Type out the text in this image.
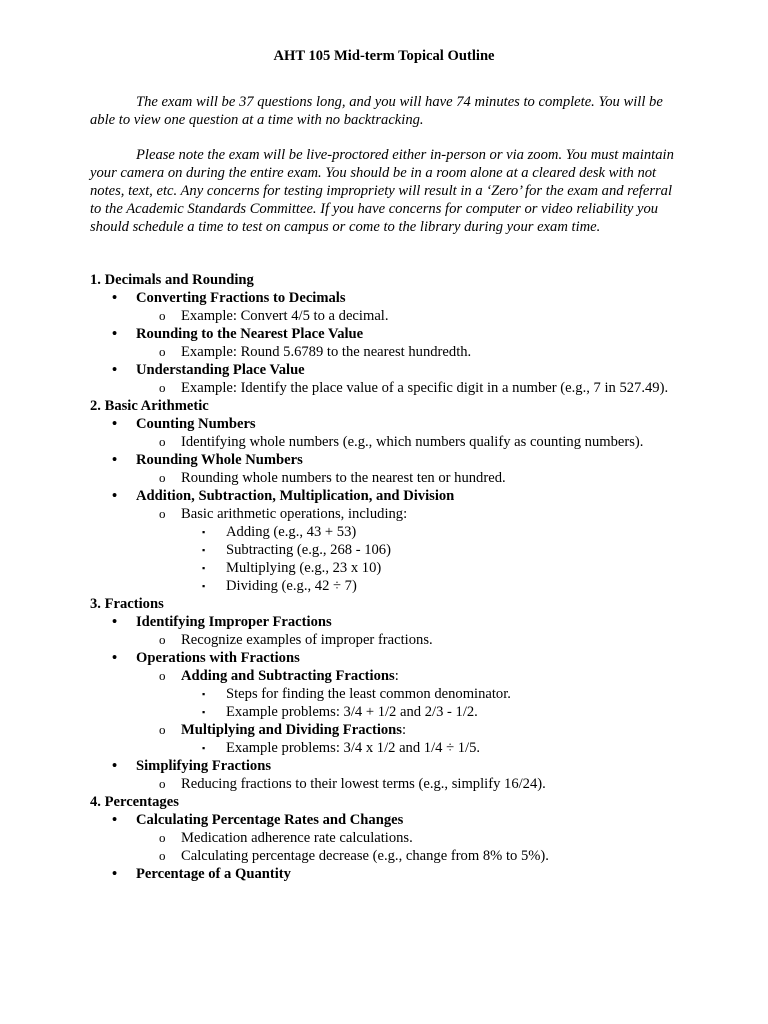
AHT 105 Mid-term Topical Outline

The exam will be 37 questions long, and you will have 74 minutes to complete. You will be able to view one question at a time with no backtracking.

Please note the exam will be live-proctored either in-person or via zoom. You must maintain your camera on during the entire exam. You should be in a room alone at a cleared desk with not notes, text, etc. Any concerns for testing impropriety will result in a ‘Zero’ for the exam and referral to the Academic Standards Committee. If you have concerns for computer or video reliability you should schedule a time to test on campus or come to the library during your exam time.

1. Decimals and Rounding
• Converting Fractions to Decimals
o Example: Convert 4/5 to a decimal.
• Rounding to the Nearest Place Value
o Example: Round 5.6789 to the nearest hundredth.
• Understanding Place Value
o Example: Identify the place value of a specific digit in a number (e.g., 7 in 527.49).
2. Basic Arithmetic
• Counting Numbers
o Identifying whole numbers (e.g., which numbers qualify as counting numbers).
• Rounding Whole Numbers
o Rounding whole numbers to the nearest ten or hundred.
• Addition, Subtraction, Multiplication, and Division
o Basic arithmetic operations, including:
▪ Adding (e.g., 43 + 53)
▪ Subtracting (e.g., 268 - 106)
▪ Multiplying (e.g., 23 x 10)
▪ Dividing (e.g., 42 ÷ 7)
3. Fractions
• Identifying Improper Fractions
o Recognize examples of improper fractions.
• Operations with Fractions
o Adding and Subtracting Fractions:
▪ Steps for finding the least common denominator.
▪ Example problems: 3/4 + 1/2 and 2/3 - 1/2.
o Multiplying and Dividing Fractions:
▪ Example problems: 3/4 x 1/2 and 1/4 ÷ 1/5.
• Simplifying Fractions
o Reducing fractions to their lowest terms (e.g., simplify 16/24).
4. Percentages
• Calculating Percentage Rates and Changes
o Medication adherence rate calculations.
o Calculating percentage decrease (e.g., change from 8% to 5%).
• Percentage of a Quantity
